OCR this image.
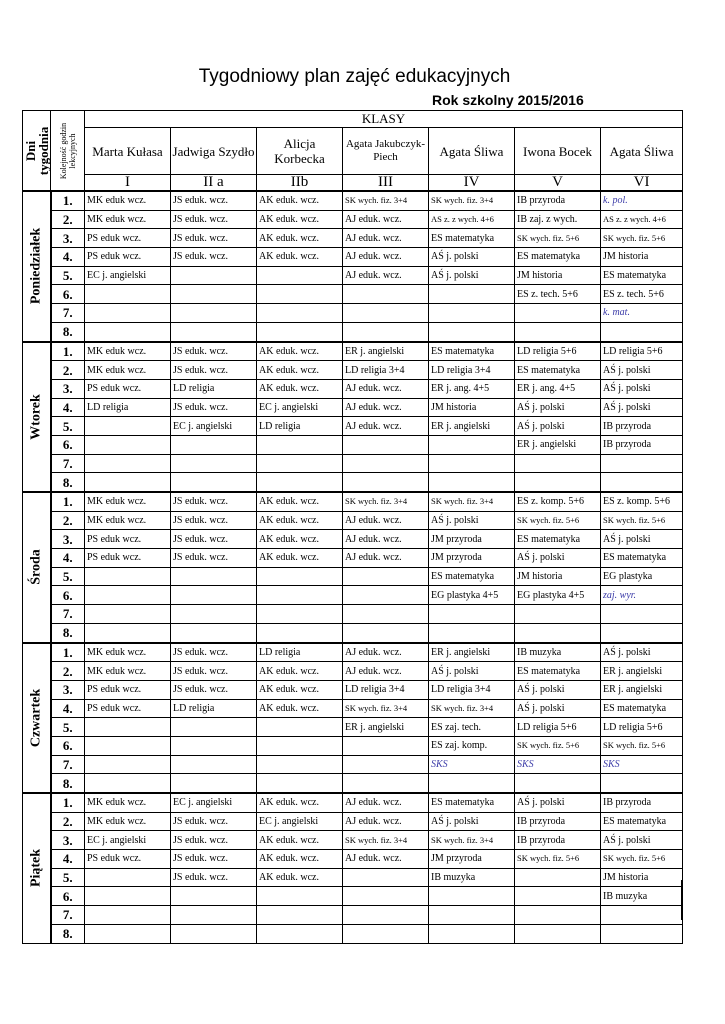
Tygodniowy plan zajęć edukacyjnych
Rok szkolny 2015/2016
Dni
tygodnia	Kolejność godzin
lekcyjnych	KLASY						
		Marta Kułasa	Jadwiga Szydło	Alicja Korbecka	Agata Jakubczyk-Piech	Agata Śliwa	Iwona Bocek	Agata Śliwa
		I	II a	IIb	III	IV	V	VI

Poniedziałek	1.	MK eduk wcz.	JS eduk. wcz.	AK eduk. wcz.	SK wych. fiz. 3+4	SK wych. fiz. 3+4	IB przyroda	k. pol.
	2.	MK eduk wcz.	JS eduk. wcz.	AK eduk. wcz.	AJ eduk. wcz.	AS z. z wych. 4+6	IB zaj. z wych.	AS z. z wych. 4+6
	3.	PS eduk wcz.	JS eduk. wcz.	AK eduk. wcz.	AJ eduk. wcz.	ES matematyka	SK wych. fiz. 5+6	SK wych. fiz. 5+6
	4.	PS eduk wcz.	JS eduk. wcz.	AK eduk. wcz.	AJ eduk. wcz.	AŚ j. polski	ES matematyka	JM historia
	5.	EC j. angielski			AJ eduk. wcz.	AŚ j. polski	JM historia	ES matematyka
	6.						ES z. tech. 5+6	ES z. tech. 5+6
	7.							k. mat.
	8.							

Wtorek	1.	MK eduk wcz.	JS eduk. wcz.	AK eduk. wcz.	ER j. angielski	ES matematyka	LD religia 5+6	LD religia 5+6
	2.	MK eduk wcz.	JS eduk. wcz.	AK eduk. wcz.	LD religia 3+4	LD religia 3+4	ES matematyka	AŚ j. polski
	3.	PS eduk wcz.	LD religia	AK eduk. wcz.	AJ eduk. wcz.	ER j. ang. 4+5	ER j. ang. 4+5	AŚ j. polski
	4.	LD religia	JS eduk. wcz.	EC j. angielski	AJ eduk. wcz.	JM historia	AŚ j. polski	AŚ j. polski
	5.		EC j. angielski	LD religia	AJ eduk. wcz.	ER j. angielski	AŚ j. polski	IB przyroda
	6.						ER j. angielski	IB przyroda
	7.							
	8.							

Środa	1.	MK eduk wcz.	JS eduk. wcz.	AK eduk. wcz.	SK wych. fiz. 3+4	SK wych. fiz. 3+4	ES z. komp. 5+6	ES z. komp. 5+6
	2.	MK eduk wcz.	JS eduk. wcz.	AK eduk. wcz.	AJ eduk. wcz.	AŚ j. polski	SK wych. fiz. 5+6	SK wych. fiz. 5+6
	3.	PS eduk wcz.	JS eduk. wcz.	AK eduk. wcz.	AJ eduk. wcz.	JM przyroda	ES matematyka	AŚ j. polski
	4.	PS eduk wcz.	JS eduk. wcz.	AK eduk. wcz.	AJ eduk. wcz.	JM przyroda	AŚ j. polski	ES matematyka
	5.					ES matematyka	JM historia	EG plastyka
	6.					EG plastyka 4+5	EG plastyka 4+5	zaj. wyr.
	7.							
	8.							

Czwartek	1.	MK eduk wcz.	JS eduk. wcz.	LD religia	AJ eduk. wcz.	ER j. angielski	IB muzyka	AŚ j. polski
	2.	MK eduk wcz.	JS eduk. wcz.	AK eduk. wcz.	AJ eduk. wcz.	AŚ j. polski	ES matematyka	ER j. angielski
	3.	PS eduk wcz.	JS eduk. wcz.	AK eduk. wcz.	LD religia 3+4	LD religia 3+4	AŚ j. polski	ER j. angielski
	4.	PS eduk wcz.	LD religia	AK eduk. wcz.	SK wych. fiz. 3+4	SK wych. fiz. 3+4	AŚ j. polski	ES matematyka
	5.				ER j. angielski	ES zaj. tech.	LD religia 5+6	LD religia 5+6
	6.					ES zaj. komp.	SK wych. fiz. 5+6	SK wych. fiz. 5+6
	7.					SKS	SKS	SKS
	8.							

Piątek	1.	MK eduk wcz.	EC j. angielski	AK eduk. wcz.	AJ eduk. wcz.	ES matematyka	AŚ j. polski	IB przyroda
	2.	MK eduk wcz.	JS eduk. wcz.	EC j. angielski	AJ eduk. wcz.	AŚ j. polski	IB przyroda	ES matematyka
	3.	EC j. angielski	JS eduk. wcz.	AK eduk. wcz.	SK wych. fiz. 3+4	SK wych. fiz. 3+4	IB przyroda	AŚ j. polski
	4.	PS eduk wcz.	JS eduk. wcz.	AK eduk. wcz.	AJ eduk. wcz.	JM przyroda	SK wych. fiz. 5+6	SK wych. fiz. 5+6
	5.		JS eduk. wcz.	AK eduk. wcz.		IB muzyka		JM historia
	6.							IB muzyka
	7.							
	8.							
